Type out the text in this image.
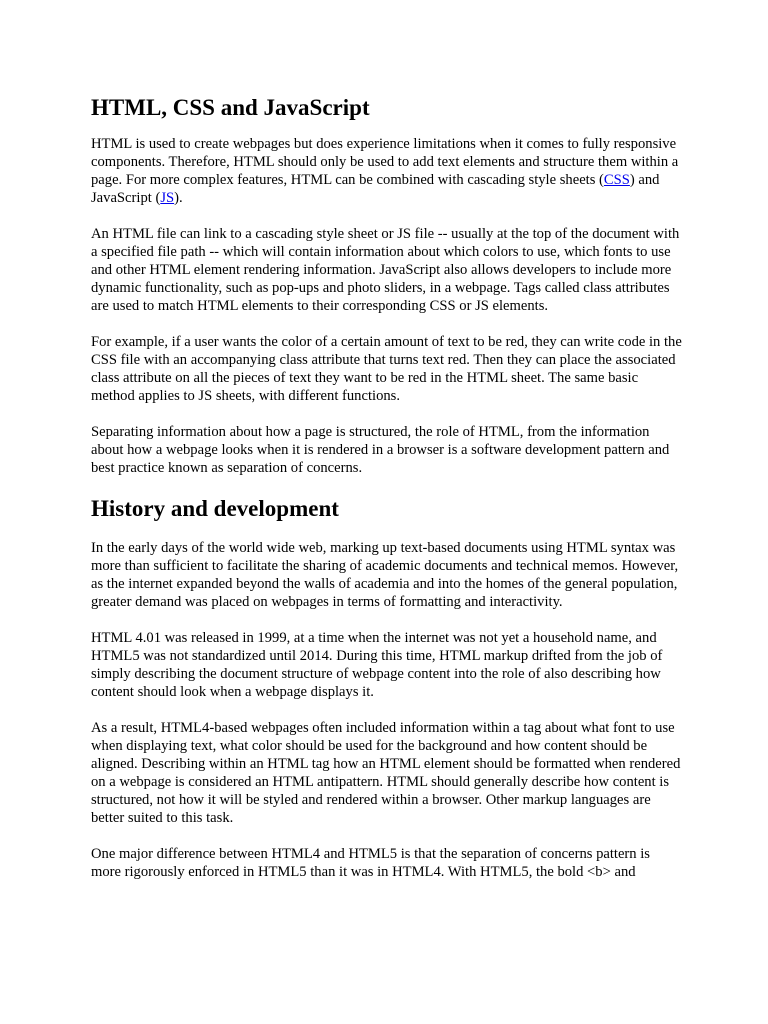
HTML, CSS and JavaScript

HTML is used to create webpages but does experience limitations when it comes to fully responsive components. Therefore, HTML should only be used to add text elements and structure them within a page. For more complex features, HTML can be combined with cascading style sheets (CSS) and JavaScript (JS).

An HTML file can link to a cascading style sheet or JS file -- usually at the top of the document with a specified file path -- which will contain information about which colors to use, which fonts to use and other HTML element rendering information. JavaScript also allows developers to include more dynamic functionality, such as pop-ups and photo sliders, in a webpage. Tags called class attributes are used to match HTML elements to their corresponding CSS or JS elements.

For example, if a user wants the color of a certain amount of text to be red, they can write code in the CSS file with an accompanying class attribute that turns text red. Then they can place the associated class attribute on all the pieces of text they want to be red in the HTML sheet. The same basic method applies to JS sheets, with different functions.

Separating information about how a page is structured, the role of HTML, from the information about how a webpage looks when it is rendered in a browser is a software development pattern and best practice known as separation of concerns.

History and development

In the early days of the world wide web, marking up text-based documents using HTML syntax was more than sufficient to facilitate the sharing of academic documents and technical memos. However, as the internet expanded beyond the walls of academia and into the homes of the general population, greater demand was placed on webpages in terms of formatting and interactivity.

HTML 4.01 was released in 1999, at a time when the internet was not yet a household name, and HTML5 was not standardized until 2014. During this time, HTML markup drifted from the job of simply describing the document structure of webpage content into the role of also describing how content should look when a webpage displays it.

As a result, HTML4-based webpages often included information within a tag about what font to use when displaying text, what color should be used for the background and how content should be aligned. Describing within an HTML tag how an HTML element should be formatted when rendered on a webpage is considered an HTML antipattern. HTML should generally describe how content is structured, not how it will be styled and rendered within a browser. Other markup languages are better suited to this task.

One major difference between HTML4 and HTML5 is that the separation of concerns pattern is more rigorously enforced in HTML5 than it was in HTML4. With HTML5, the bold <b> and
